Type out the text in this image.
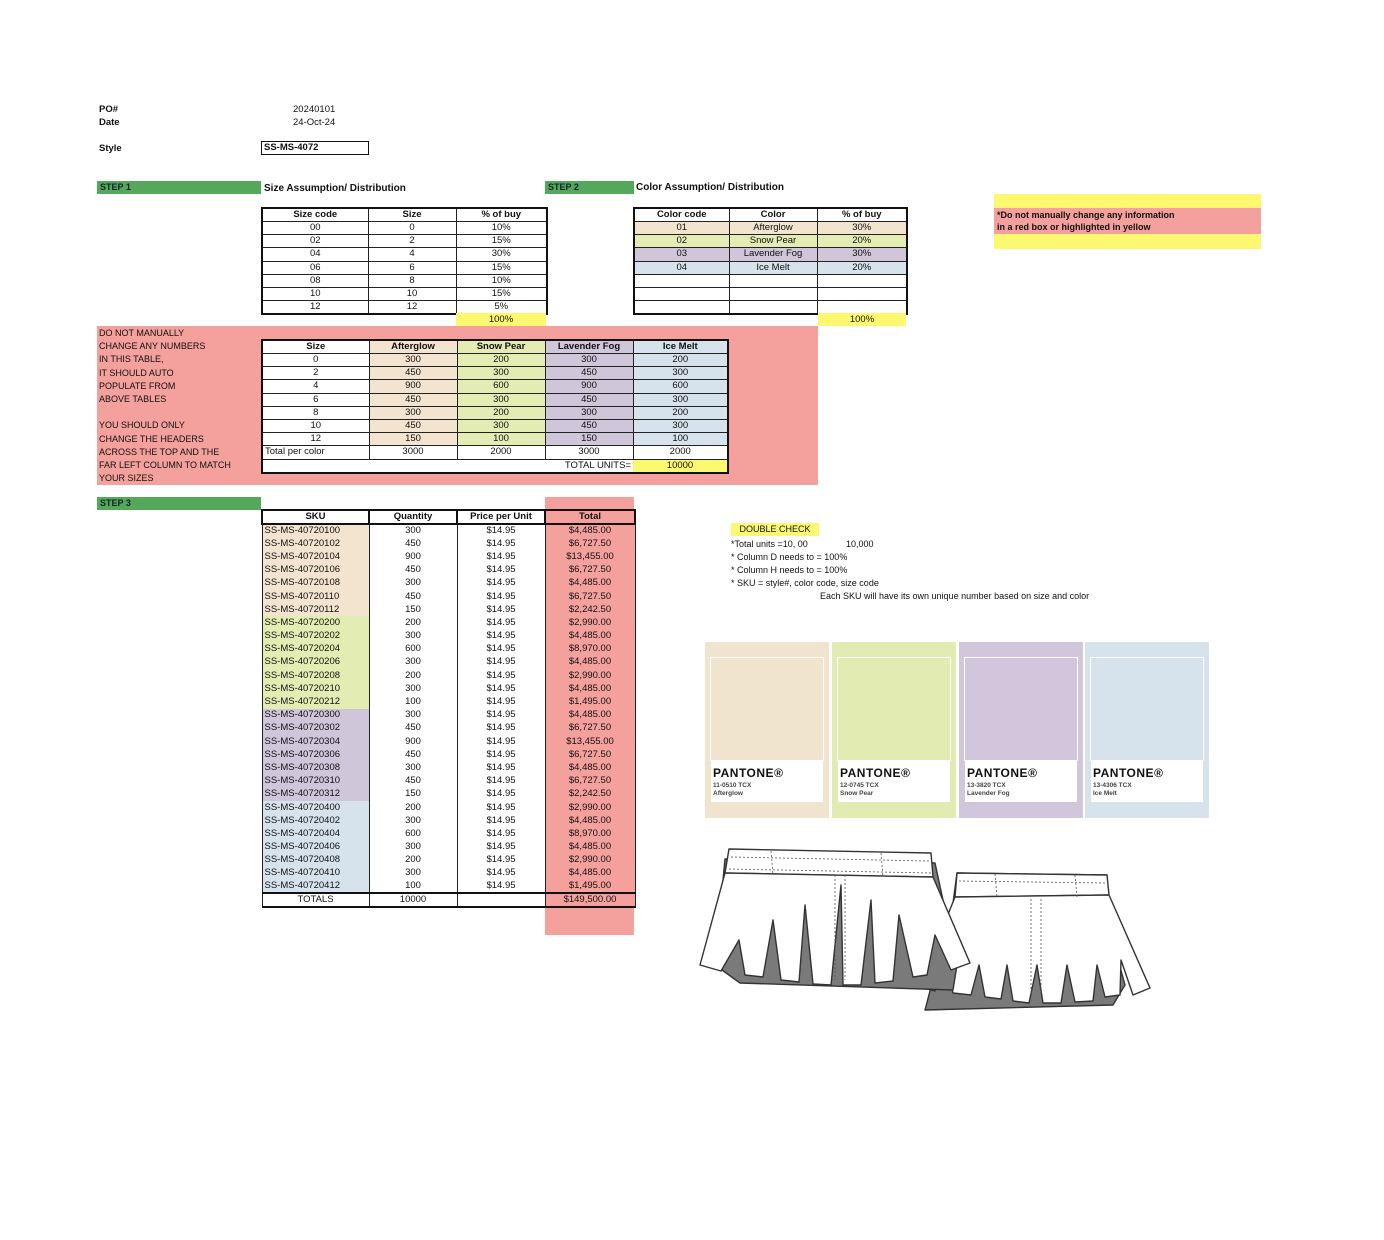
PO#	20240101
Date	24-Oct-24
Style	SS-MS-4072
STEP 1	Size Assumption/ Distribution
Size code	Size	% of buy
00	0	10%
02	2	15%
04	4	30%
06	6	15%
08	8	10%
10	10	15%
12	12	5%
100%
STEP 2	Color Assumption/ Distribution
Color code	Color	% of buy
01	Afterglow	30%
02	Snow Pear	20%
03	Lavender Fog	30%
04	Ice Melt	20%

100%
*Do not manually change any information
in a red box or highlighted in yellow
DO NOT MANUALLY
CHANGE ANY NUMBERS
IN THIS TABLE,
IT SHOULD AUTO
POPULATE FROM
ABOVE TABLES
YOU SHOULD ONLY
CHANGE THE HEADERS
ACROSS THE TOP AND THE
FAR LEFT COLUMN TO MATCH
YOUR SIZES
Size	Afterglow	Snow Pear	Lavender Fog	Ice Melt
0	300	200	300	200
2	450	300	450	300
4	900	600	900	600
6	450	300	450	300
8	300	200	300	200
10	450	300	450	300
12	150	100	150	100
Total per color	3000	2000	3000	2000
TOTAL UNITS=				10000
STEP 3
SKU	Quantity	Price per Unit	Total
SS-MS-40720100	300	$14.95	$4,485.00
SS-MS-40720102	450	$14.95	$6,727.50
SS-MS-40720104	900	$14.95	$13,455.00
SS-MS-40720106	450	$14.95	$6,727.50
SS-MS-40720108	300	$14.95	$4,485.00
SS-MS-40720110	450	$14.95	$6,727.50
SS-MS-40720112	150	$14.95	$2,242.50
SS-MS-40720200	200	$14.95	$2,990.00
SS-MS-40720202	300	$14.95	$4,485.00
SS-MS-40720204	600	$14.95	$8,970.00
SS-MS-40720206	300	$14.95	$4,485.00
SS-MS-40720208	200	$14.95	$2,990.00
SS-MS-40720210	300	$14.95	$4,485.00
SS-MS-40720212	100	$14.95	$1,495.00
SS-MS-40720300	300	$14.95	$4,485.00
SS-MS-40720302	450	$14.95	$6,727.50
SS-MS-40720304	900	$14.95	$13,455.00
SS-MS-40720306	450	$14.95	$6,727.50
SS-MS-40720308	300	$14.95	$4,485.00
SS-MS-40720310	450	$14.95	$6,727.50
SS-MS-40720312	150	$14.95	$2,242.50
SS-MS-40720400	200	$14.95	$2,990.00
SS-MS-40720402	300	$14.95	$4,485.00
SS-MS-40720404	600	$14.95	$8,970.00
SS-MS-40720406	300	$14.95	$4,485.00
SS-MS-40720408	200	$14.95	$2,990.00
SS-MS-40720410	300	$14.95	$4,485.00
SS-MS-40720412	100	$14.95	$1,495.00
TOTALS	10000		$149,500.00
DOUBLE CHECK
*Total units =10, 00	10,000
* Column D needs to = 100%
* Column H needs to = 100%
* SKU = style#, color code, size code
Each SKU will have its own unique number based on size and color
PANTONE®
11-0510 TCX
Afterglow
PANTONE®
12-0745 TCX
Snow Pear
PANTONE®
13-3820 TCX
Lavender Fog
PANTONE®
13-4306 TCX
Ice Melt
